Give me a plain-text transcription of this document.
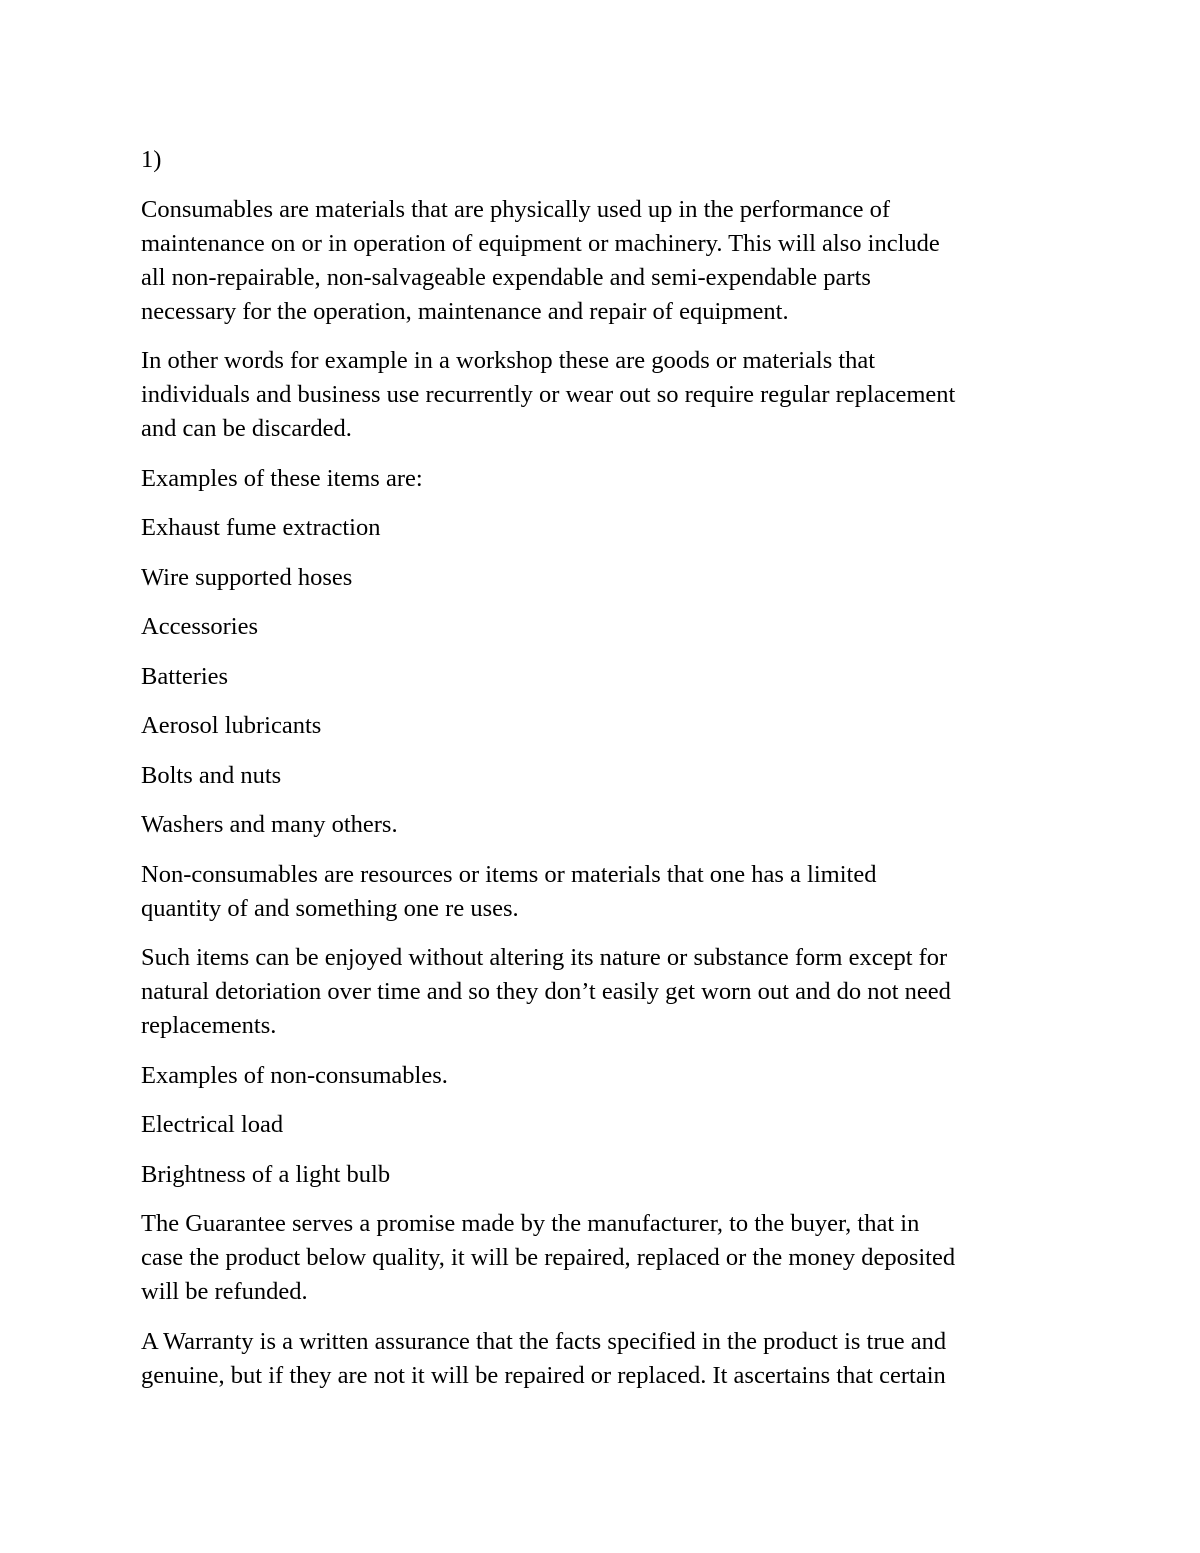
1)

Consumables are materials that are physically used up in the performance of
maintenance on or in operation of equipment or machinery. This will also include
all non-repairable, non-salvageable expendable and semi-expendable parts
necessary for the operation, maintenance and repair of equipment.

In other words for example in a workshop these are goods or materials that
individuals and business use recurrently or wear out so require regular replacement
and can be discarded.

Examples of these items are:

Exhaust fume extraction

Wire supported hoses

Accessories

Batteries

Aerosol lubricants

Bolts and nuts

Washers and many others.

Non-consumables are resources or items or materials that one has a limited
quantity of and something one re uses.

Such items can be enjoyed without altering its nature or substance form except for
natural detoriation over time and so they don’t easily get worn out and do not need
replacements.

Examples of non-consumables.

Electrical load

Brightness of a light bulb

The Guarantee serves a promise made by the manufacturer, to the buyer, that in
case the product below quality, it will be repaired, replaced or the money deposited
will be refunded.

A Warranty is a written assurance that the facts specified in the product is true and
genuine, but if they are not it will be repaired or replaced. It ascertains that certain
